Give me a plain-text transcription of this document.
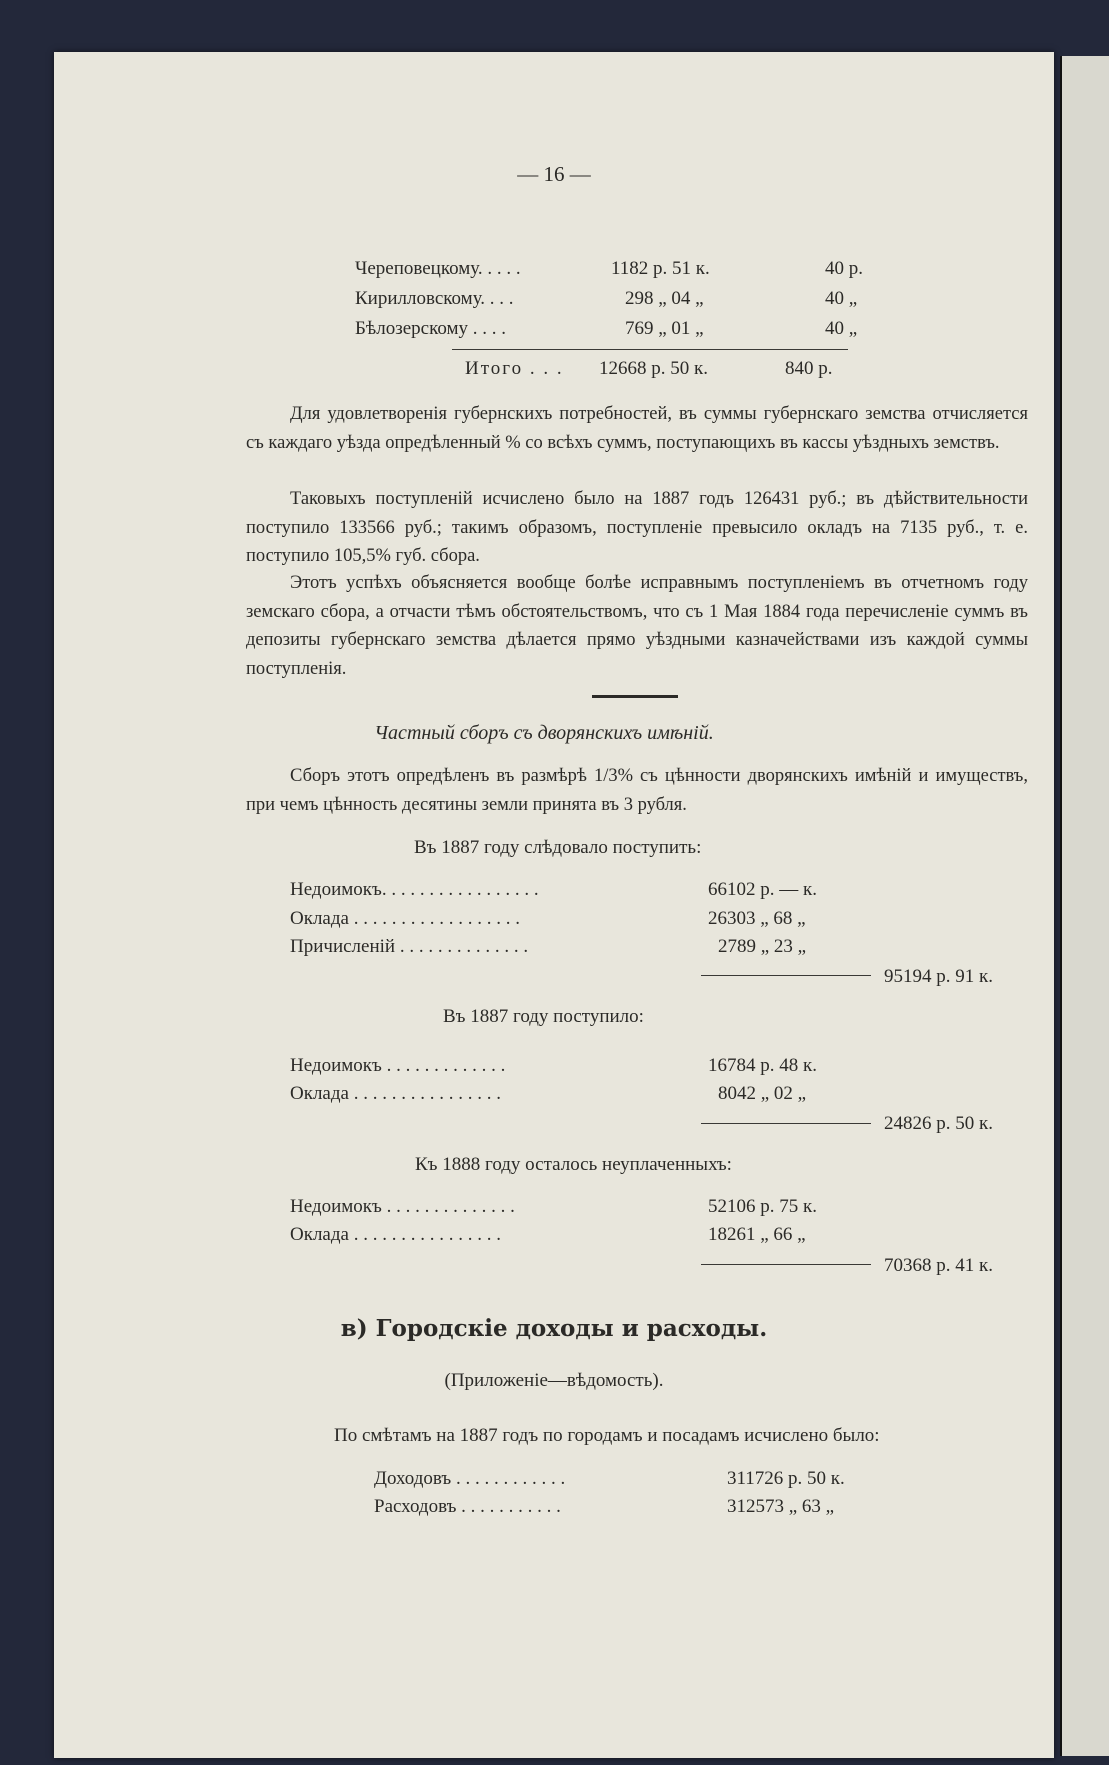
— 16 —
Череповецкому. . . . .	1182 р. 51 к.	40 р.
Кирилловскому. . . .	298 „ 04 „	40 „
Бѣлозерскому . . . .	769 „ 01 „	40 „
Итого . . . 12668 р. 50 к.	840 р.
Для удовлетворенія губернскихъ потребностей, въ суммы губернскаго земства отчисляется съ каждаго уѣзда опредѣленный % со всѣхъ суммъ, поступающихъ въ кассы уѣздныхъ земствъ.
Таковыхъ поступленій исчислено было на 1887 годъ 126431 руб.; въ дѣйствительности поступило 133566 руб.; такимъ образомъ, поступленіе превысило окладъ на 7135 руб., т. е. поступило 105,5% губ. сбора.
Этотъ успѣхъ объясняется вообще болѣе исправнымъ поступленіемъ въ отчетномъ году земскаго сбора, а отчасти тѣмъ обстоятельствомъ, что съ 1 Мая 1884 года перечисленіе суммъ въ депозиты губернскаго земства дѣлается прямо уѣздными казначействами изъ каждой суммы поступленія.
Частный сборъ съ дворянскихъ имѣній.
Сборъ этотъ опредѣленъ въ размѣрѣ 1/3% съ цѣнности дворянскихъ имѣній и имуществъ, при чемъ цѣнность десятины земли принята въ 3 рубля.
Въ 1887 году слѣдовало поступить:
Недоимокъ. . . . . . . . . . . . . . . . .	66102 р. — к.
Оклада . . . . . . . . . . . . . . . . . .	26303 „ 68 „
Причисленій . . . . . . . . . . . . . .	2789 „ 23 „
95194 р. 91 к.
Въ 1887 году поступило:
Недоимокъ . . . . . . . . . . . . .	16784 р. 48 к.
Оклада . . . . . . . . . . . . . . . .	8042 „ 02 „
24826 р. 50 к.
Къ 1888 году осталось неуплаченныхъ:
Недоимокъ . . . . . . . . . . . . . .	52106 р. 75 к.
Оклада . . . . . . . . . . . . . . . .	18261 „ 66 „
70368 р. 41 к.
в) Городскіе доходы и расходы.
(Приложеніе—вѣдомость).
По смѣтамъ на 1887 годъ по городамъ и посадамъ исчислено было:
Доходовъ . . . . . . . . . . . .	311726 р. 50 к.
Расходовъ . . . . . . . . . . .	312573 „ 63 „
